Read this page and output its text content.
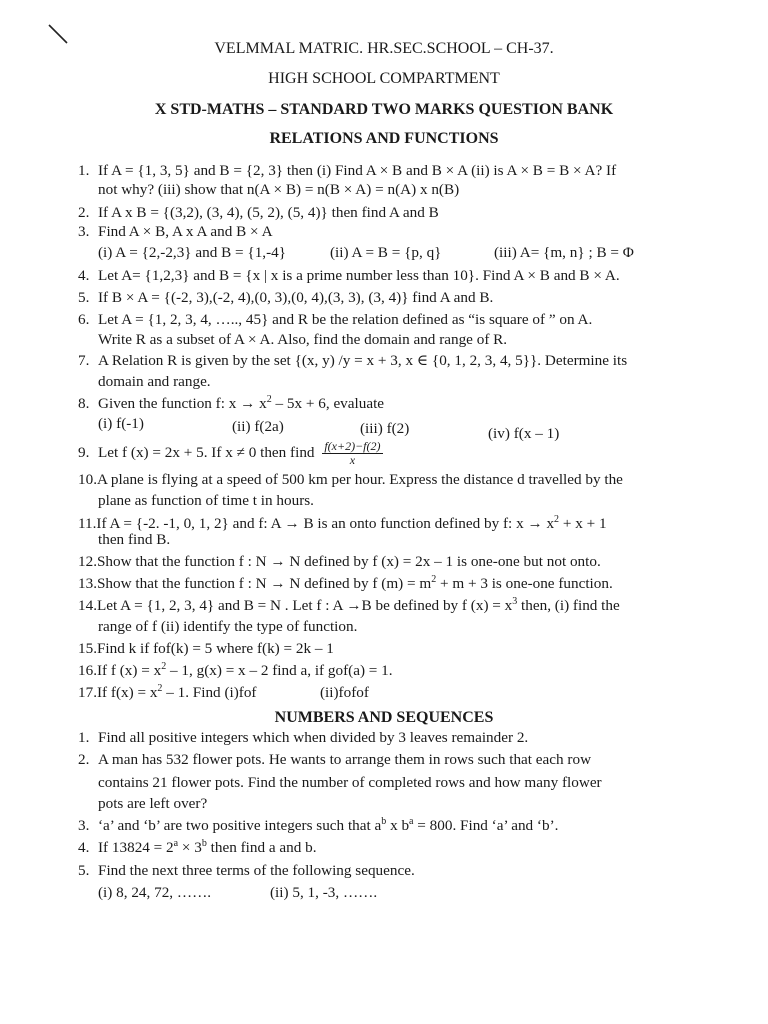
VELMMAL MATRIC. HR.SEC.SCHOOL – CH-37.
HIGH SCHOOL COMPARTMENT
X STD-MATHS – STANDARD TWO MARKS QUESTION BANK
RELATIONS AND FUNCTIONS
1. If A = {1, 3, 5} and B = {2, 3} then (i) Find A × B and B × A (ii) is A × B = B × A? If
not why? (iii) show that n(A × B) = n(B × A) = n(A) x n(B)
2. If A x B = {(3,2), (3, 4), (5, 2), (5, 4)} then find A and B
3. Find A × B, A x A and B × A
(i) A = {2,-2,3} and B = {1,-4}	(ii) A = B = {p, q}	(iii) A= {m, n} ; B = Φ
4. Let A= {1,2,3} and B = {x | x is a prime number less than 10}. Find A × B and B × A.
5. If B × A = {(-2, 3),(-2, 4),(0, 3),(0, 4),(3, 3), (3, 4)} find A and B.
6. Let A = {1, 2, 3, 4, ….., 45} and R be the relation defined as “is square of ” on A.
Write R as a subset of A × A. Also, find the domain and range of R.
7. A Relation R is given by the set {(x, y) /y = x + 3, x ∈ {0, 1, 2, 3, 4, 5}}. Determine its
domain and range.
8. Given the function f: $x \to x^2 - 5x + 6$, evaluate
(i) f(-1)	(ii) f(2a)	(iii) f(2)	(iv) f(x – 1)
9. Let f (x) = 2x + 5. If x ≠ 0 then find $\frac{f(x+2)-f(2)}{x}$
10.A plane is flying at a speed of 500 km per hour. Express the distance d travelled by the
plane as function of time t in hours.
11.If A = {-2. -1, 0, 1, 2} and f: A → B is an onto function defined by f: $x \to x^2 + x + 1$
then find B.
12.Show that the function f : N → N defined by f (x) = 2x – 1 is one-one but not onto.
13.Show that the function f : N → N defined by f $(m) = m^2 + m + 3$ is one-one function.
14.Let A = {1, 2, 3, 4} and B = N . Let f : A →B be defined by f $(x) = x^3$ then, (i) find the
range of f (ii) identify the type of function.
15.Find k if fof(k) = 5 where f(k) = 2k – 1
16.If f $(x) = x^2 - 1$, g(x) = x – 2 find a, if gof(a) = 1.
17.If $f(x) = x^2 - 1$. Find (i)fof	(ii)fofof
NUMBERS AND SEQUENCES
1. Find all positive integers which when divided by 3 leaves remainder 2.
2. A man has 532 flower pots. He wants to arrange them in rows such that each row
contains 21 flower pots. Find the number of completed rows and how many flower
pots are left over?
3. ‘a’ and ‘b’ are two positive integers such that $a^b$ x $b^a = 800$. Find ‘a’ and ‘b’.
4. If $13824 = 2^a \times 3^b$ then find a and b.
5. Find the next three terms of the following sequence.
(i) 8, 24, 72, …….	(ii) 5, 1, -3, …….
